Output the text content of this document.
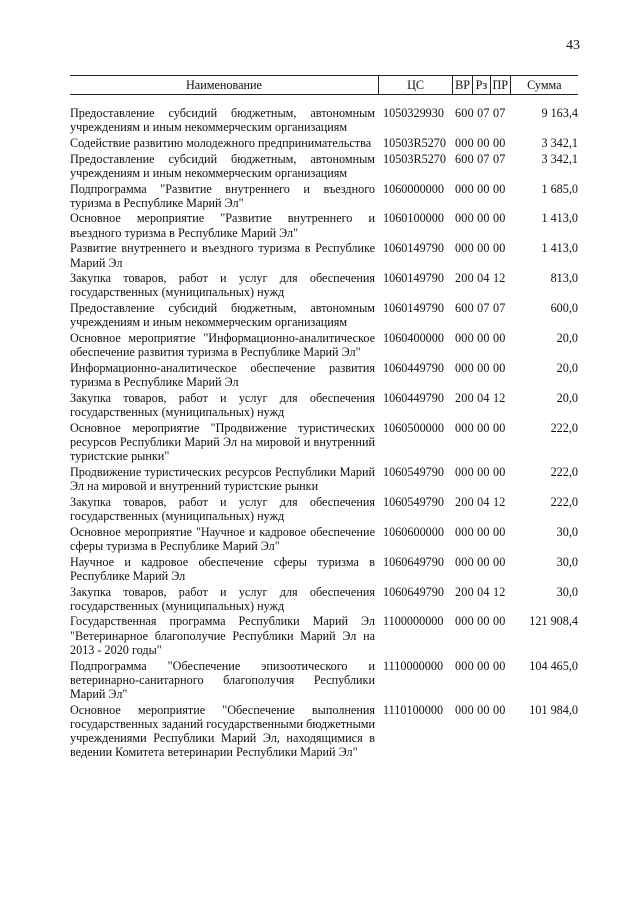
43
Наименование	ЦС	ВР Рз ПР	Сумма
Предоставление субсидий бюджетным, автономным учреждениям и иным некоммерческим организациям
1050329930 600 07 07	9 163,4
Содействие развитию молодежного предпринимательства 10503R5270 000 00 00	3 342,1
Предоставление субсидий бюджетным, автономным учреждениям и иным некоммерческим организациям
10503R5270 600 07 07	3 342,1
Подпрограмма "Развитие внутреннего и въездного туризма в Республике Марий Эл"
1060000000 000 00 00	1 685,0
Основное мероприятие "Развитие внутреннего и въездного туризма в Республике Марий Эл"
1060100000 000 00 00	1 413,0
Развитие внутреннего и въездного туризма в Республике Марий Эл
1060149790 000 00 00	1 413,0
Закупка товаров, работ и услуг для обеспечения государственных (муниципальных) нужд
1060149790 200 04 12	813,0
Предоставление субсидий бюджетным, автономным учреждениям и иным некоммерческим организациям
1060149790 600 07 07	600,0
Основное мероприятие "Информационно-аналитическое обеспечение развития туризма в Республике Марий Эл"
1060400000 000 00 00	20,0
Информационно-аналитическое обеспечение развития туризма в Республике Марий Эл
1060449790 000 00 00	20,0
Закупка товаров, работ и услуг для обеспечения государственных (муниципальных) нужд
1060449790 200 04 12	20,0
Основное мероприятие "Продвижение туристических ресурсов Республики Марий Эл на мировой и внутренний туристские рынки"
1060500000 000 00 00	222,0
Продвижение туристических ресурсов Республики Марий Эл на мировой и внутренний туристские рынки
1060549790 000 00 00	222,0
Закупка товаров, работ и услуг для обеспечения государственных (муниципальных) нужд
1060549790 200 04 12	222,0
Основное мероприятие "Научное и кадровое обеспечение сферы туризма в Республике Марий Эл"
1060600000 000 00 00	30,0
Научное и кадровое обеспечение сферы туризма в Республике Марий Эл
1060649790 000 00 00	30,0
Закупка товаров, работ и услуг для обеспечения государственных (муниципальных) нужд
1060649790 200 04 12	30,0
Государственная программа Республики Марий Эл "Ветеринарное благополучие Республики Марий Эл на 2013 - 2020 годы"
1100000000 000 00 00	121 908,4
Подпрограмма "Обеспечение эпизоотического и ветеринарно-санитарного благополучия Республики Марий Эл"
1110000000 000 00 00	104 465,0
Основное мероприятие "Обеспечение выполнения государственных заданий государственными бюджетными учреждениями Республики Марий Эл, находящимися в ведении Комитета ветеринарии Республики Марий Эл"
1110100000 000 00 00	101 984,0
